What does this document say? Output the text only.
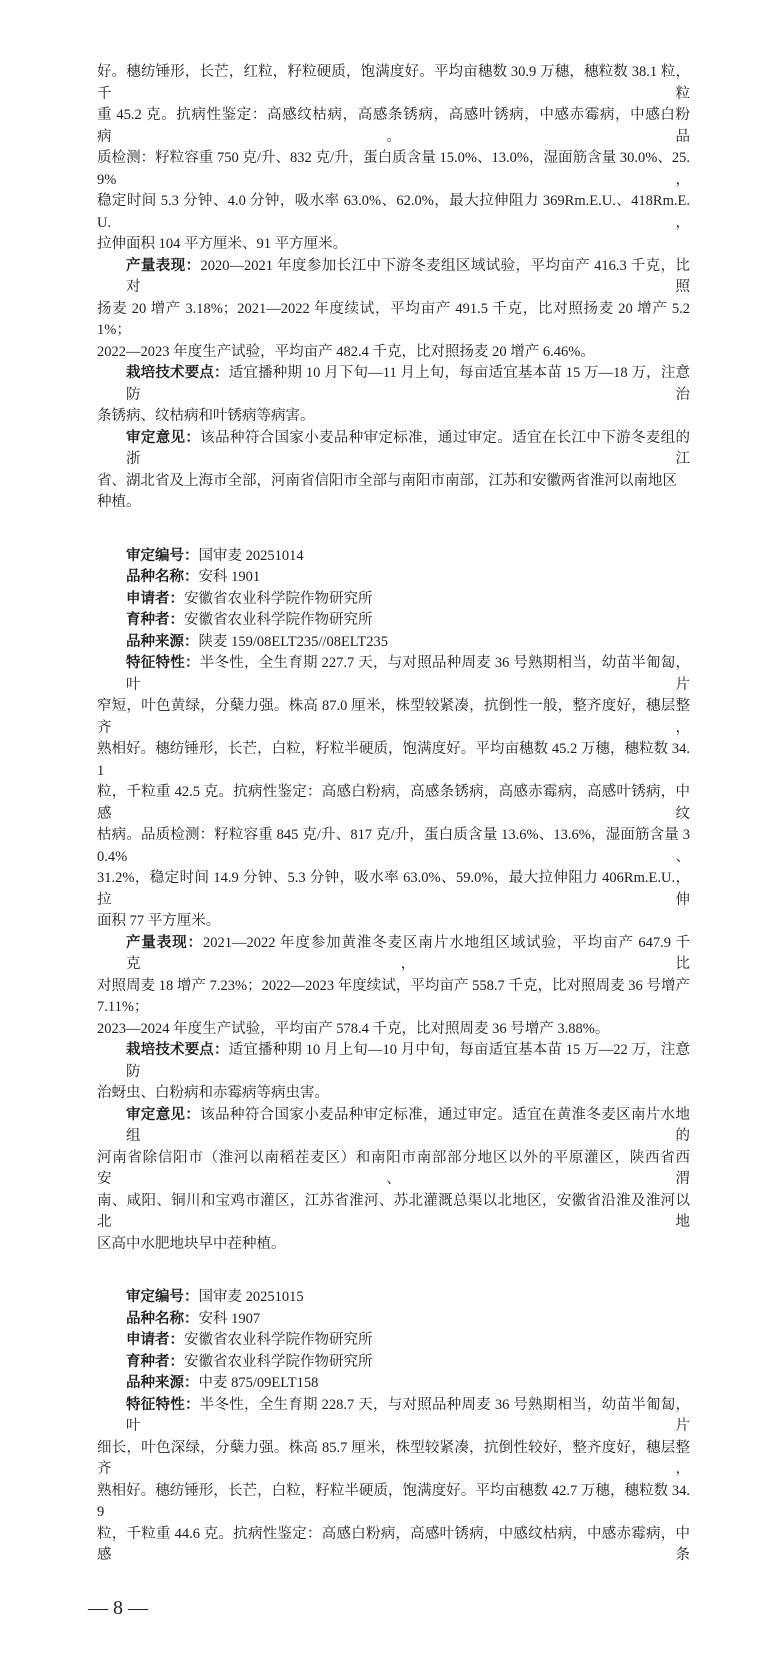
好。穗纺锤形，长芒，红粒，籽粒硬质，饱满度好。平均亩穗数 30.9 万穗，穗粒数 38.1 粒，千粒
重 45.2 克。抗病性鉴定：高感纹枯病，高感条锈病，高感叶锈病，中感赤霉病，中感白粉病。品
质检测：籽粒容重 750 克/升、832 克/升，蛋白质含量 15.0%、13.0%，湿面筋含量 30.0%、25.9%，
稳定时间 5.3 分钟、4.0 分钟，吸水率 63.0%、62.0%，最大拉伸阻力 369Rm.E.U.、418Rm.E.U.，
拉伸面积 104 平方厘米、91 平方厘米。
产量表现：2020—2021 年度参加长江中下游冬麦组区域试验，平均亩产 416.3 千克，比对照
扬麦 20 增产 3.18%；2021—2022 年度续试，平均亩产 491.5 千克，比对照扬麦 20 增产 5.21%；
2022—2023 年度生产试验，平均亩产 482.4 千克，比对照扬麦 20 增产 6.46%。
栽培技术要点：适宜播种期 10 月下旬—11 月上旬，每亩适宜基本苗 15 万—18 万，注意防治
条锈病、纹枯病和叶锈病等病害。
审定意见：该品种符合国家小麦品种审定标准，通过审定。适宜在长江中下游冬麦组的浙江
省、湖北省及上海市全部，河南省信阳市全部与南阳市南部，江苏和安徽两省淮河以南地区种植。
审定编号：国审麦 20251014
品种名称：安科 1901
申请者：安徽省农业科学院作物研究所
育种者：安徽省农业科学院作物研究所
品种来源：陕麦 159/08ELT235//08ELT235
特征特性：半冬性，全生育期 227.7 天，与对照品种周麦 36 号熟期相当，幼苗半匍匐，叶片
窄短，叶色黄绿，分蘖力强。株高 87.0 厘米，株型较紧凑，抗倒性一般，整齐度好，穗层整齐，
熟相好。穗纺锤形，长芒，白粒，籽粒半硬质，饱满度好。平均亩穗数 45.2 万穗，穗粒数 34.1
粒，千粒重 42.5 克。抗病性鉴定：高感白粉病，高感条锈病，高感赤霉病，高感叶锈病，中感纹
枯病。品质检测：籽粒容重 845 克/升、817 克/升，蛋白质含量 13.6%、13.6%，湿面筋含量 30.4%、
31.2%，稳定时间 14.9 分钟、5.3 分钟，吸水率 63.0%、59.0%，最大拉伸阻力 406Rm.E.U.，拉伸
面积 77 平方厘米。
产量表现：2021—2022 年度参加黄淮冬麦区南片水地组区域试验，平均亩产 647.9 千克，比
对照周麦 18 增产 7.23%；2022—2023 年度续试，平均亩产 558.7 千克，比对照周麦 36 号增产 7.11%；
2023—2024 年度生产试验，平均亩产 578.4 千克，比对照周麦 36 号增产 3.88%。
栽培技术要点：适宜播种期 10 月上旬—10 月中旬，每亩适宜基本苗 15 万—22 万，注意防
治蚜虫、白粉病和赤霉病等病虫害。
审定意见：该品种符合国家小麦品种审定标准，通过审定。适宜在黄淮冬麦区南片水地组的
河南省除信阳市（淮河以南稻茬麦区）和南阳市南部部分地区以外的平原灌区，陕西省西安、渭
南、咸阳、铜川和宝鸡市灌区，江苏省淮河、苏北灌溉总渠以北地区，安徽省沿淮及淮河以北地
区高中水肥地块早中茬种植。
审定编号：国审麦 20251015
品种名称：安科 1907
申请者：安徽省农业科学院作物研究所
育种者：安徽省农业科学院作物研究所
品种来源：中麦 875/09ELT158
特征特性：半冬性，全生育期 228.7 天，与对照品种周麦 36 号熟期相当，幼苗半匍匐，叶片
细长，叶色深绿，分蘖力强。株高 85.7 厘米，株型较紧凑，抗倒性较好，整齐度好，穗层整齐，
熟相好。穗纺锤形，长芒，白粒，籽粒半硬质，饱满度好。平均亩穗数 42.7 万穗，穗粒数 34.9
粒，千粒重 44.6 克。抗病性鉴定：高感白粉病，高感叶锈病，中感纹枯病，中感赤霉病，中感条
— 8 —
